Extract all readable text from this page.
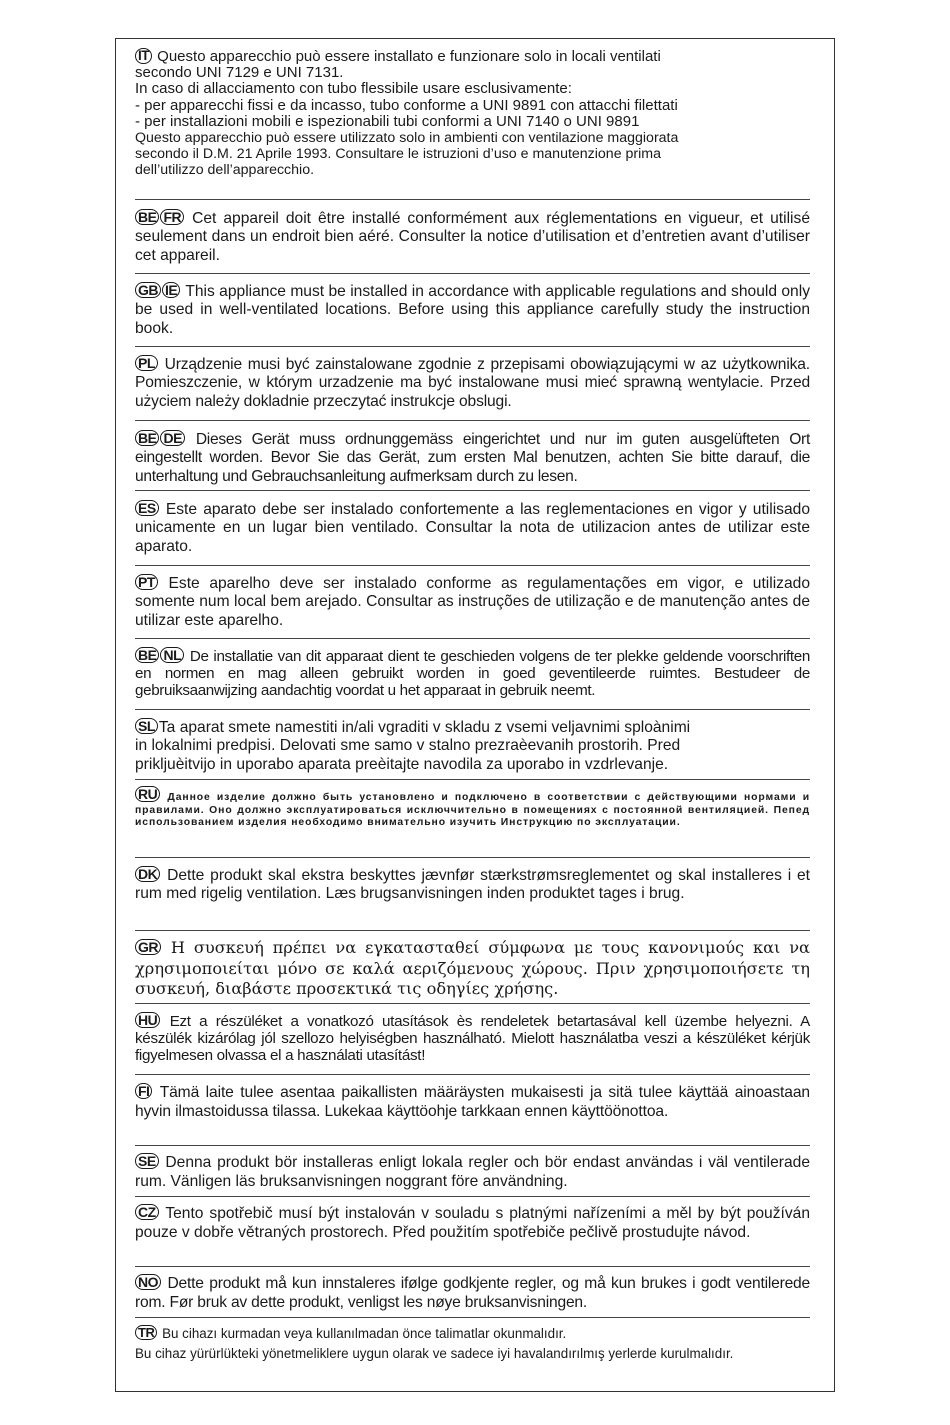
IT Questo apparecchio può essere installato e funzionare solo in locali ventilati
secondo UNI 7129 e UNI 7131.
In caso di allacciamento con tubo flessibile usare esclusivamente:
- per apparecchi fissi e da incasso, tubo conforme a UNI 9891 con attacchi filettati
- per installazioni mobili e ispezionabili tubi conformi a UNI 7140 o UNI 9891
Questo apparecchio può essere utilizzato solo in ambienti con ventilazione maggiorata
secondo il D.M. 21 Aprile 1993. Consultare le istruzioni d’uso e manutenzione prima
dell’utilizzo dell’apparecchio.
BE FR Cet appareil doit être installé conformément aux réglementations en vigueur, et utilisé seulement dans un endroit bien aéré. Consulter la notice d’utilisation et d’entretien avant d’utiliser cet appareil.
GB IE This appliance must be installed in accordance with applicable regulations and should only be used in well-ventilated locations. Before using this appliance carefully study the instruction book.
PL Urządzenie musi być zainstalowane zgodnie z przepisami obowiązującymi w az użytkownika. Pomieszczenie, w którym urzadzenie ma być instalowane musi mieć sprawną wentylacie. Przed użyciem należy dokladnie przeczytać instrukcje obslugi.
BE DE Dieses Gerät muss ordnunggemäss eingerichtet und nur im guten ausgelüfteten Ort eingestellt worden. Bevor Sie das Gerät, zum ersten Mal benutzen, achten Sie bitte darauf, die unterhaltung und Gebrauchsanleitung aufmerksam durch zu lesen.
ES Este aparato debe ser instalado confortemente a las reglementaciones en vigor y utilisado unicamente en un lugar bien ventilado. Consultar la nota de utilizacion antes de utilizar este aparato.
PT Este aparelho deve ser instalado conforme as regulamentações em vigor, e utilizado somente num local bem arejado. Consultar as instruções de utilização e de manutenção antes de utilizar este aparelho.
BE NL De installatie van dit apparaat dient te geschieden volgens de ter plekke geldende voorschriften en normen en mag alleen gebruikt worden in goed geventileerde ruimtes. Bestudeer de gebruiksaanwijzing aandachtig voordat u het apparaat in gebruik neemt.
SL Ta aparat smete namestiti in/ali vgraditi v skladu z vsemi veljavnimi sploànimi
in lokalnimi predpisi. Delovati sme samo v stalno prezraèevanih prostorih. Pred
priklјuèitvijo in uporabo aparata preèitajte navodila za uporabo in vzdrlevanje.
RU Данное изделие должно быть установлено и подключено в соответствии с действующими нормами и правилами. Оно должно эксплуатироваться исключчительно в помещениях с постоянной вентиляцией. Пепед использованием изделия необходимо внимательно изучить Инструкцию по эксплуатации.
DK Dette produkt skal ekstra beskyttes jævnfør stærkstrømsreglementet og skal installeres i et rum med rigelig ventilation. Læs brugsanvisningen inden produktet tages i brug.
GR Η συσκευή πρέπει να εγκατασταθεί σύμφωνα με τους κανονιμούς και να χρησιμοποιείται μόνο σε καλά αεριζόμενους χώρους. Πριν χρησιμοποιήσετε τη συσκευή, διαβάστε προσεκτικά τις οδηγίες χρήσης.
HU Ezt a részüléket a vonatkozó utasítások ès rendeletek betartasával kell üzembe helyezni. A készülék kizárólag jól szellozo helyiségben használható. Mielott használatba veszi a készüléket kérjük figyelmesen olvassa el a használati utasítást!
FI Tämä laite tulee asentaa paikallisten määräysten mukaisesti ja sitä tulee käyttää ainoastaan hyvin ilmastoidussa tilassa. Lukekaa käyttöohje tarkkaan ennen käyttöönottoa.
SE Denna produkt bör installeras enligt lokala regler och bör endast användas i väl ventilerade rum. Vänligen läs bruksanvisningen noggrant före användning.
CZ Tento spotřebič musí být instalován v souladu s platnými nařízeními a měl by být používán pouze v dobře větraných prostorech. Před použitím spotřebiče pečlivě prostudujte návod.
NO Dette produkt må kun innstaleres ifølge godkjente regler, og må kun brukes i godt ventilerede rom. Før bruk av dette produkt, venligst les nøye bruksanvisningen.
TR Bu cihazı kurmadan veya kullanılmadan önce talimatlar okunmalıdır.
Bu cihaz yürürlükteki yönetmeliklere uygun olarak ve sadece iyi havalandırılmış yerlerde kurulmalıdır.
